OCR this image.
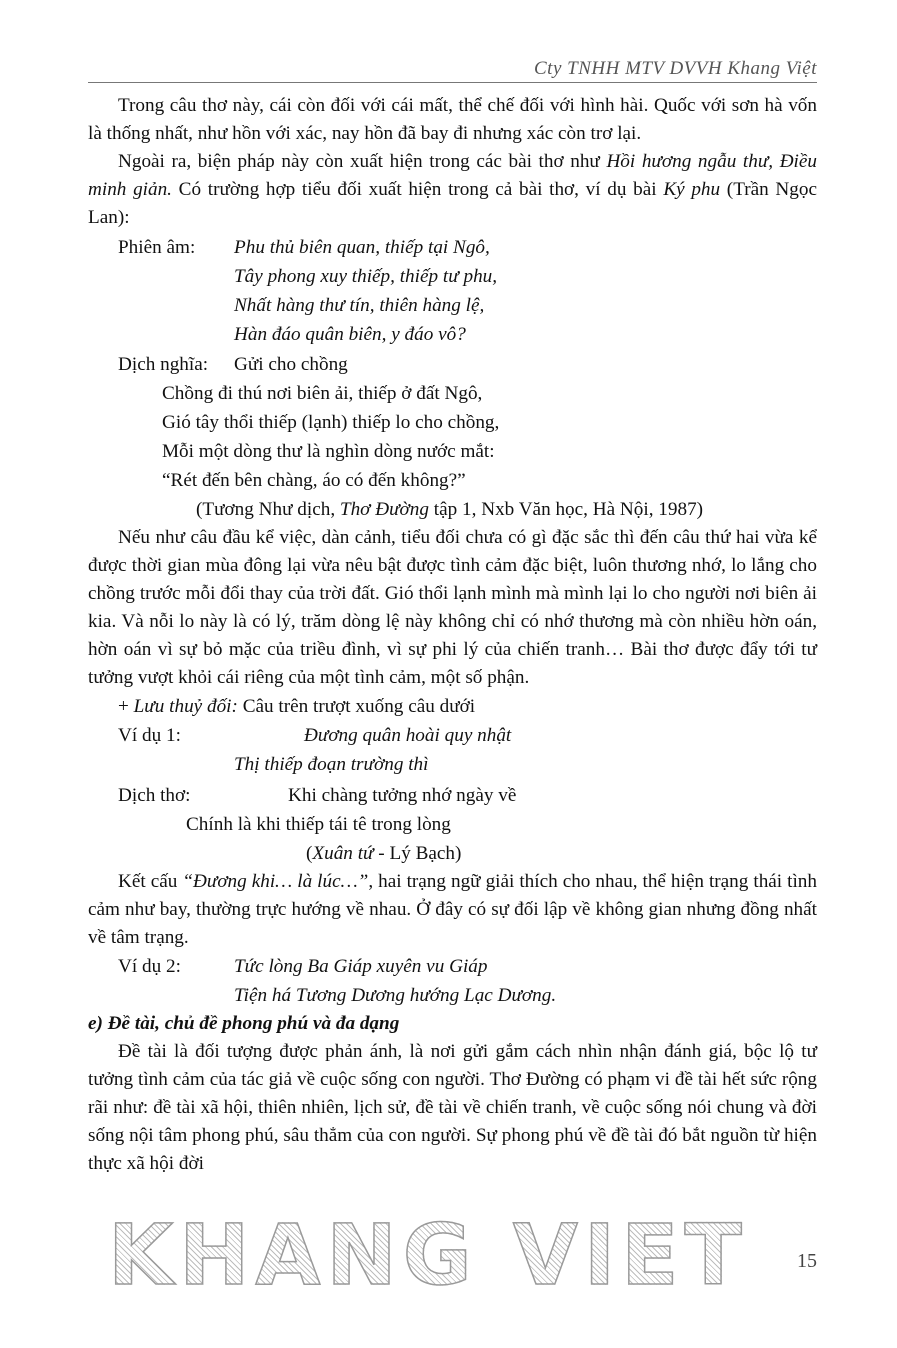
Cty TNHH MTV DVVH Khang Việt

Trong câu thơ này, cái còn đối với cái mất, thể chế đối với hình hài. Quốc với sơn hà vốn là thống nhất, như hồn với xác, nay hồn đã bay đi nhưng xác còn trơ lại.

Ngoài ra, biện pháp này còn xuất hiện trong các bài thơ như Hồi hương ngẫu thư, Điều minh giản. Có trường hợp tiểu đối xuất hiện trong cả bài thơ, ví dụ bài Ký phu (Trần Ngọc Lan):

Phiên âm: Phu thủ biên quan, thiếp tại Ngô,
Tây phong xuy thiếp, thiếp tư phu,
Nhất hàng thư tín, thiên hàng lệ,
Hàn đáo quân biên, y đáo vô?
Dịch nghĩa: Gửi cho chồng
Chồng đi thú nơi biên ải, thiếp ở đất Ngô,
Gió tây thổi thiếp (lạnh) thiếp lo cho chồng,
Mỗi một dòng thư là nghìn dòng nước mắt:
“Rét đến bên chàng, áo có đến không?”
(Tương Như dịch, Thơ Đường tập 1, Nxb Văn học, Hà Nội, 1987)

Nếu như câu đầu kể việc, dàn cảnh, tiểu đối chưa có gì đặc sắc thì đến câu thứ hai vừa kể được thời gian mùa đông lại vừa nêu bật được tình cảm đặc biệt, luôn thương nhớ, lo lắng cho chồng trước mỗi đổi thay của trời đất. Gió thổi lạnh mình mà mình lại lo cho người nơi biên ải kia. Và nỗi lo này là có lý, trăm dòng lệ này không chỉ có nhớ thương mà còn nhiều hờn oán, hờn oán vì sự bỏ mặc của triều đình, vì sự phi lý của chiến tranh… Bài thơ được đẩy tới tư tưởng vượt khỏi cái riêng của một tình cảm, một số phận.

+ Lưu thuỷ đối: Câu trên trượt xuống câu dưới
Ví dụ 1:	Đương quân hoài quy nhật
Thị thiếp đoạn trường thì
Dịch thơ:	Khi chàng tưởng nhớ ngày về
Chính là khi thiếp tái tê trong lòng
(Xuân tứ - Lý Bạch)

Kết cấu “Đương khi… là lúc…”, hai trạng ngữ giải thích cho nhau, thể hiện trạng thái tình cảm như bay, thường trực hướng về nhau. Ở đây có sự đối lập về không gian nhưng đồng nhất về tâm trạng.

Ví dụ 2:	Tức lòng Ba Giáp xuyên vu Giáp
Tiện há Tương Dương hướng Lạc Dương.

e) Đề tài, chủ đề phong phú và đa dạng

Đề tài là đối tượng được phản ánh, là nơi gửi gắm cách nhìn nhận đánh giá, bộc lộ tư tưởng tình cảm của tác giả về cuộc sống con người. Thơ Đường có phạm vi đề tài hết sức rộng rãi như: đề tài xã hội, thiên nhiên, lịch sử, đề tài về chiến tranh, về cuộc sống nói chung và đời sống nội tâm phong phú, sâu thẳm của con người. Sự phong phú về đề tài đó bắt nguồn từ hiện thực xã hội đời

KHANG VIET 15
